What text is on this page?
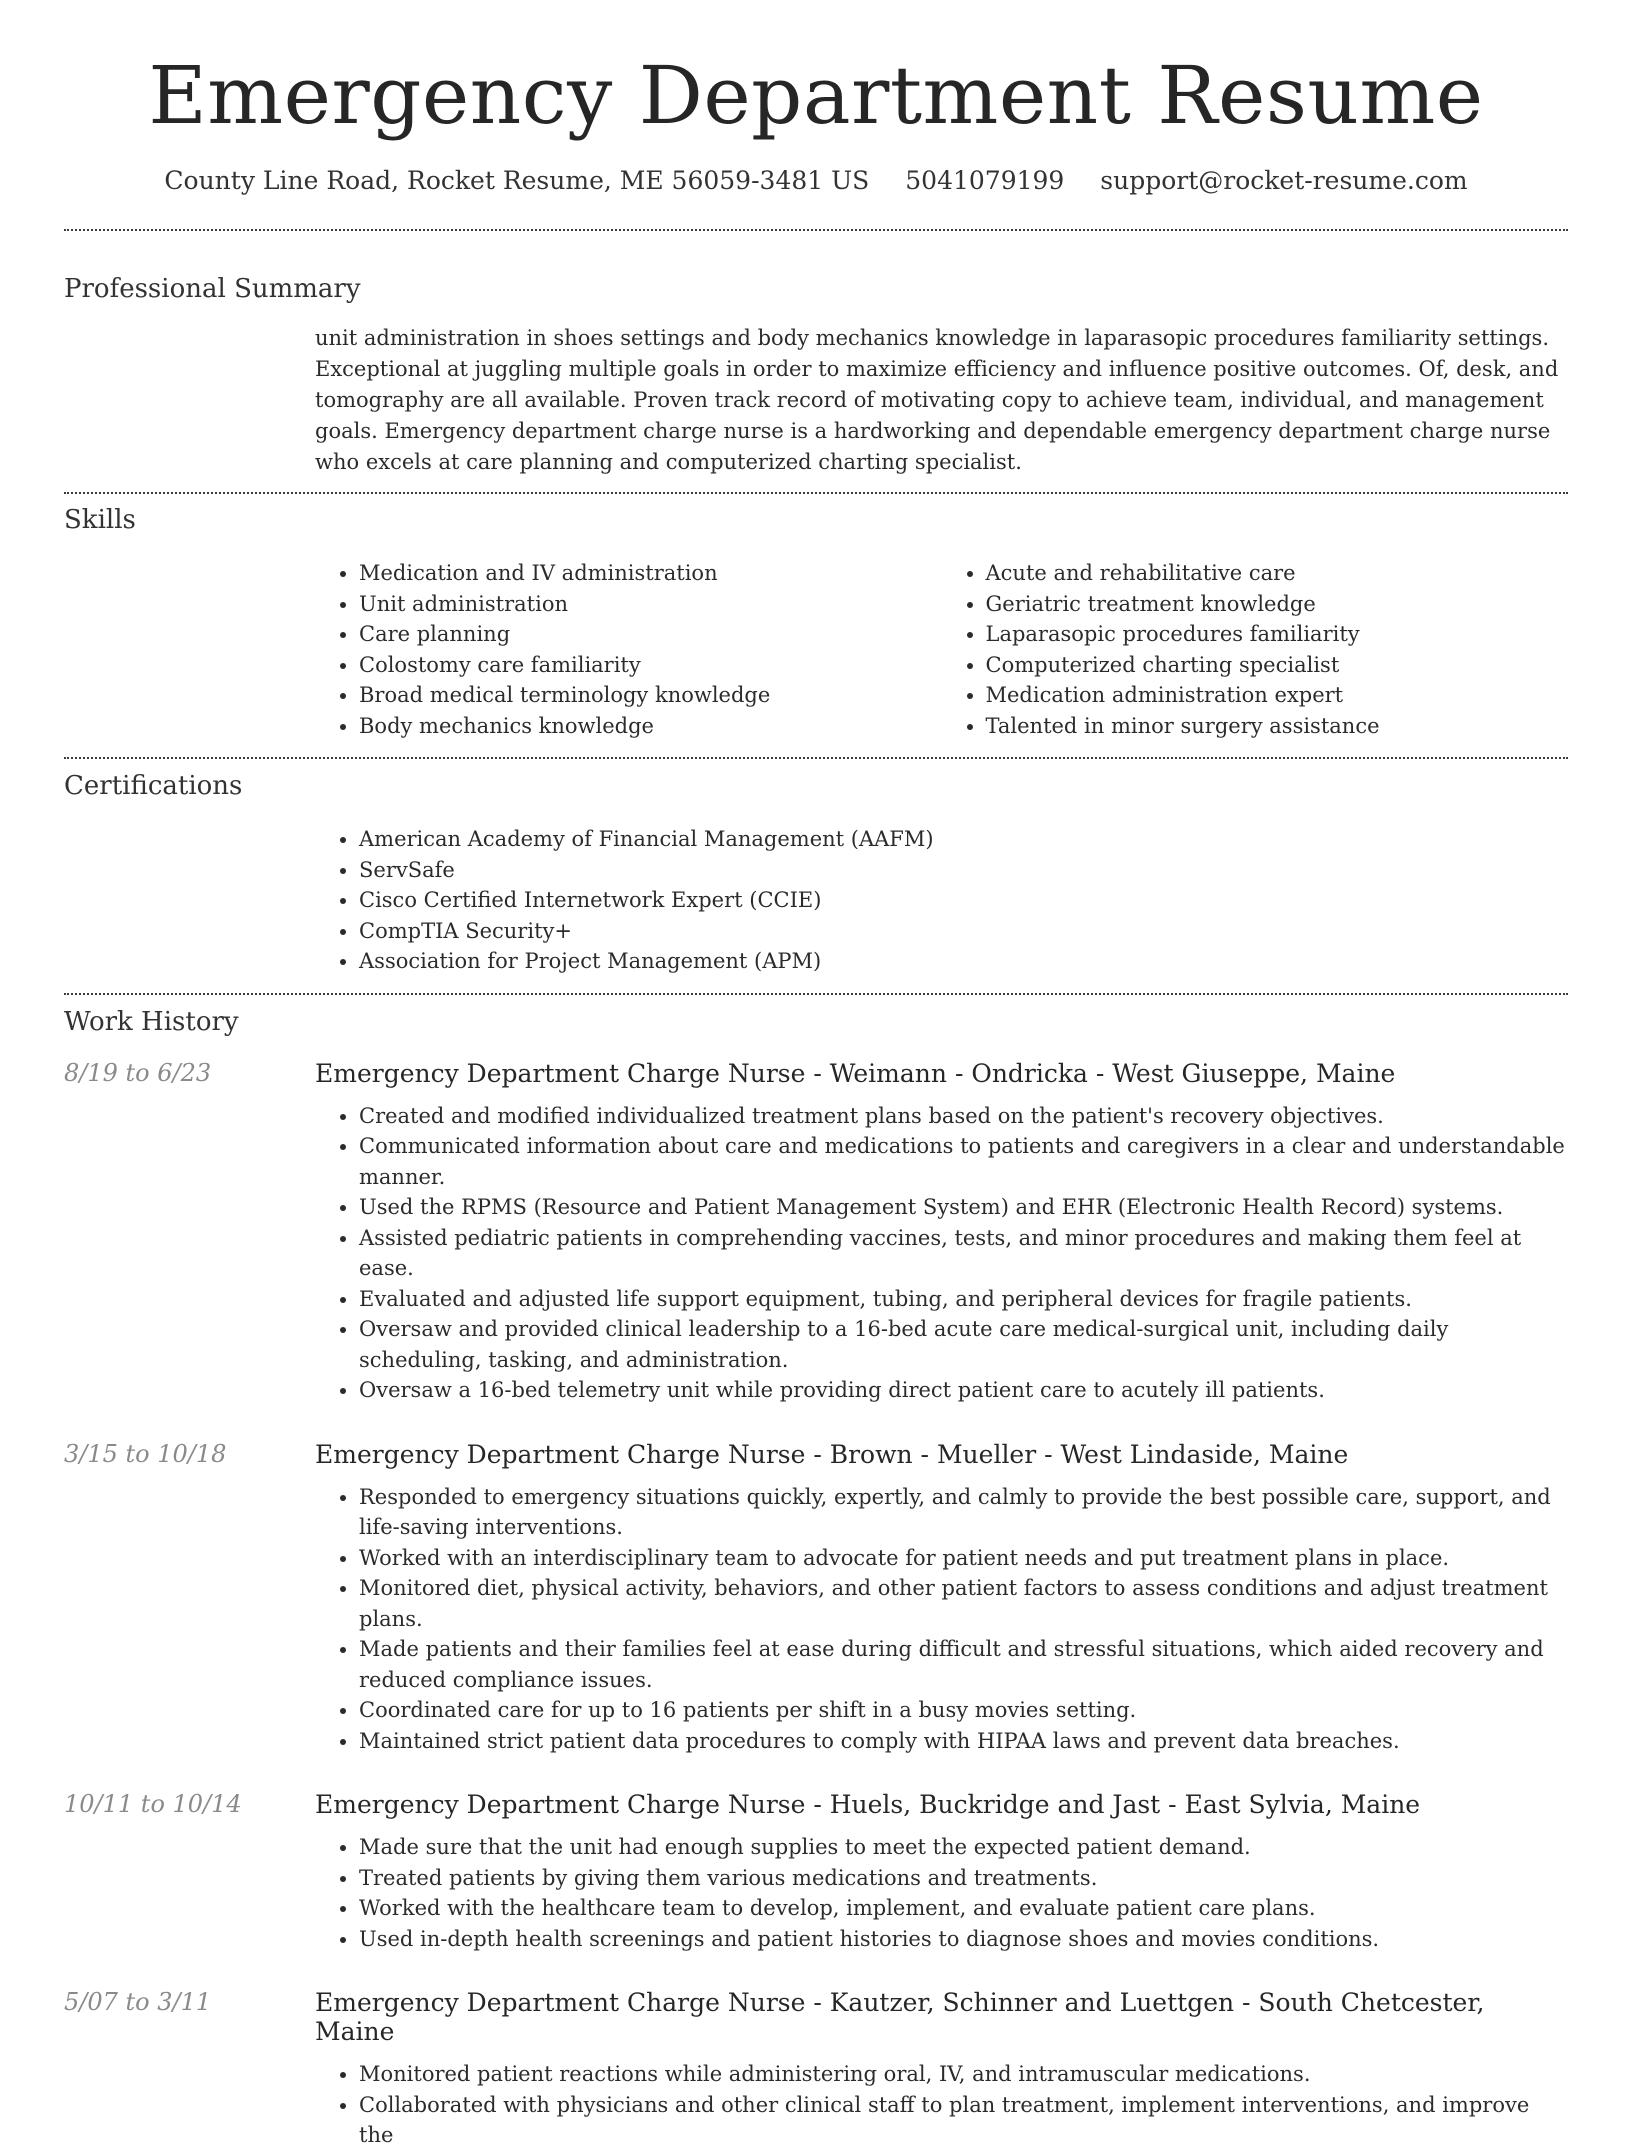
Emergency Department Resume
County Line Road, Rocket Resume, ME 56059-3481 US 5041079199 support@rocket-resume.com
Professional Summary

unit administration in shoes settings and body mechanics knowledge in laparasopic procedures familiarity settings. Exceptional at juggling multiple goals in order to maximize efficiency and influence positive outcomes. Of, desk, and tomography are all available. Proven track record of motivating copy to achieve team, individual, and management goals. Emergency department charge nurse is a hardworking and dependable emergency department charge nurse who excels at care planning and computerized charting specialist.

Skills
• Medication and IV administration
• Unit administration
• Care planning
• Colostomy care familiarity
• Broad medical terminology knowledge
• Body mechanics knowledge
• Acute and rehabilitative care
• Geriatric treatment knowledge
• Laparasopic procedures familiarity
• Computerized charting specialist
• Medication administration expert
• Talented in minor surgery assistance
Certifications
• American Academy of Financial Management (AAFM)
• ServSafe
• Cisco Certified Internetwork Expert (CCIE)
• CompTIA Security+
• Association for Project Management (APM)
Work History
8/19 to 6/23	Emergency Department Charge Nurse - Weimann - Ondricka - West Giuseppe, Maine
• Created and modified individualized treatment plans based on the patient's recovery objectives.
• Communicated information about care and medications to patients and caregivers in a clear and understandable manner.
• Used the RPMS (Resource and Patient Management System) and EHR (Electronic Health Record) systems.
• Assisted pediatric patients in comprehending vaccines, tests, and minor procedures and making them feel at ease.
• Evaluated and adjusted life support equipment, tubing, and peripheral devices for fragile patients.
• Oversaw and provided clinical leadership to a 16-bed acute care medical-surgical unit, including daily scheduling, tasking, and administration.
• Oversaw a 16-bed telemetry unit while providing direct patient care to acutely ill patients.
3/15 to 10/18	Emergency Department Charge Nurse - Brown - Mueller - West Lindaside, Maine
• Responded to emergency situations quickly, expertly, and calmly to provide the best possible care, support, and life-saving interventions.
• Worked with an interdisciplinary team to advocate for patient needs and put treatment plans in place.
• Monitored diet, physical activity, behaviors, and other patient factors to assess conditions and adjust treatment plans.
• Made patients and their families feel at ease during difficult and stressful situations, which aided recovery and reduced compliance issues.
• Coordinated care for up to 16 patients per shift in a busy movies setting.
• Maintained strict patient data procedures to comply with HIPAA laws and prevent data breaches.
10/11 to 10/14	Emergency Department Charge Nurse - Huels, Buckridge and Jast - East Sylvia, Maine
• Made sure that the unit had enough supplies to meet the expected patient demand.
• Treated patients by giving them various medications and treatments.
• Worked with the healthcare team to develop, implement, and evaluate patient care plans.
• Used in-depth health screenings and patient histories to diagnose shoes and movies conditions.
5/07 to 3/11	Emergency Department Charge Nurse - Kautzer, Schinner and Luettgen - South Chetcester, Maine
• Monitored patient reactions while administering oral, IV, and intramuscular medications.
• Collaborated with physicians and other clinical staff to plan treatment, implement interventions, and improve the
